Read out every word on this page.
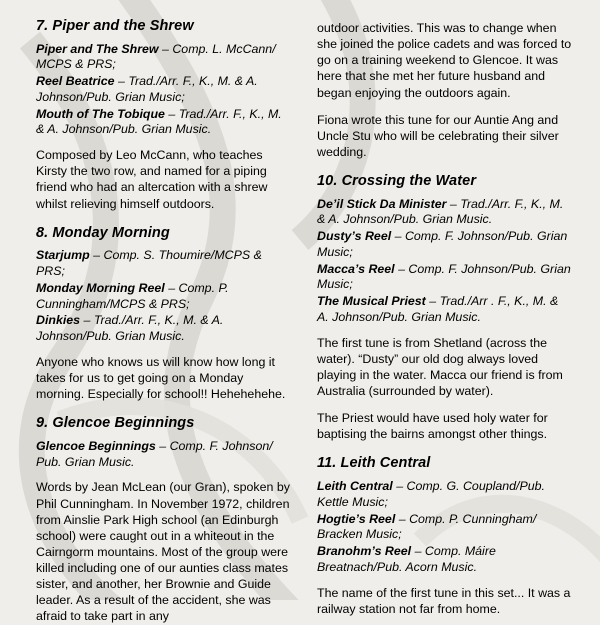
7. Piper and the Shrew
Piper and The Shrew – Comp. L. McCann/ MCPS & PRS;
Reel Beatrice – Trad./Arr. F., K., M. & A. Johnson/Pub. Grian Music;
Mouth of The Tobique – Trad./Arr. F., K., M. & A. Johnson/Pub. Grian Music.

Composed by Leo McCann, who teaches Kirsty the two row, and named for a piping friend who had an altercation with a shrew whilst relieving himself outdoors.

8. Monday Morning
Starjump – Comp. S. Thoumire/MCPS & PRS;
Monday Morning Reel – Comp. P. Cunningham/MCPS & PRS;
Dinkies – Trad./Arr. F., K., M. & A. Johnson/Pub. Grian Music.

Anyone who knows us will know how long it takes for us to get going on a Monday morning. Especially for school!! Hehehehehe.

9. Glencoe Beginnings
Glencoe Beginnings – Comp. F. Johnson/ Pub. Grian Music.

Words by Jean McLean (our Gran), spoken by Phil Cunningham. In November 1972, children from Ainslie Park High school (an Edinburgh school) were caught out in a whiteout in the Cairngorm mountains. Most of the group were killed including one of our aunties class mates sister, and another, her Brownie and Guide leader. As a result of the accident, she was afraid to take part in any

outdoor activities. This was to change when she joined the police cadets and was forced to go on a training weekend to Glencoe. It was here that she met her future husband and began enjoying the outdoors again.

Fiona wrote this tune for our Auntie Ang and Uncle Stu who will be celebrating their silver wedding.

10. Crossing the Water
De’il Stick Da Minister – Trad./Arr. F., K., M. & A. Johnson/Pub. Grian Music.
Dusty’s Reel – Comp. F. Johnson/Pub. Grian Music;
Macca’s Reel – Comp. F. Johnson/Pub. Grian Music;
The Musical Priest – Trad./Arr . F., K., M. & A. Johnson/Pub. Grian Music.

The first tune is from Shetland (across the water). “Dusty” our old dog always loved playing in the water. Macca our friend is from Australia (surrounded by water).

The Priest would have used holy water for baptising the bairns amongst other things.

11. Leith Central
Leith Central – Comp. G. Coupland/Pub. Kettle Music;
Hogtie’s Reel – Comp. P. Cunningham/ Bracken Music;
Branohm’s Reel – Comp. Máire Breatnach/Pub. Acorn Music.

The name of the first tune in this set... It was a railway station not far from home.
